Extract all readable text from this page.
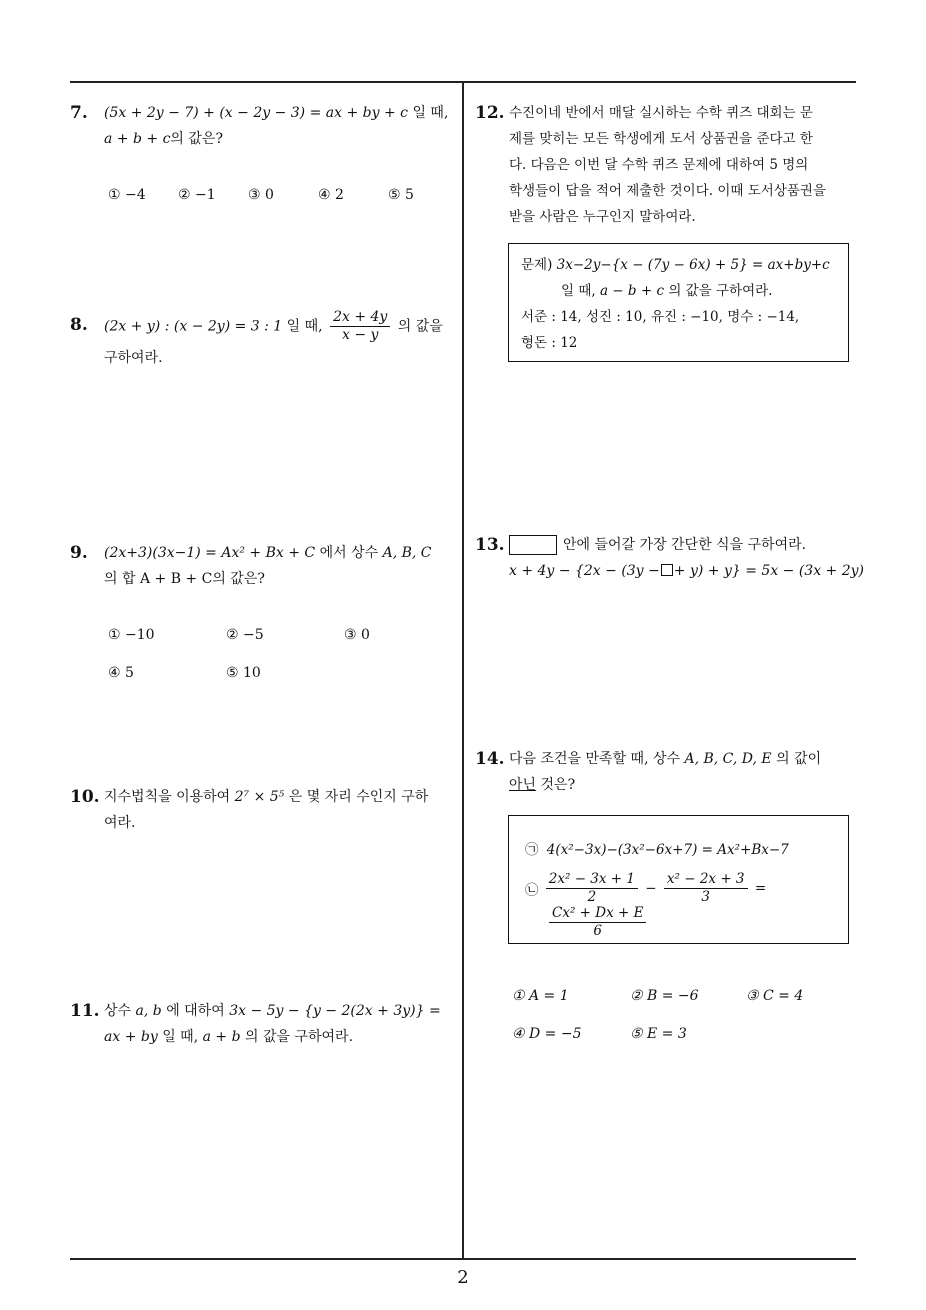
7. (5x + 2y − 7) + (x − 2y − 3) = ax + by + c 일 때,
a + b + c의 값은?
① −4 ② −1 ③ 0	④ 2	⑤ 5
8. (2x + y) : (x − 2y) = 3 : 1 일 때, $\frac{2x + 4y}{x - y}$ 의 값을
구하여라.
9. (2x+3)(3x−1) = Ax² + Bx + C 에서 상수 A, B, C
의 합 A + B + C의 값은?
① −10	② −5	③ 0
④ 5	⑤ 10
10. 지수법칙을 이용하여 2⁷ × 5⁵ 은 몇 자리 수인지 구하
여라.
11. 상수 a, b 에 대하여 3x − 5y − {y − 2(2x + 3y)} =
ax + by 일 때, a + b 의 값을 구하여라.
12. 수진이네 반에서 매달 실시하는 수학 퀴즈 대회는 문
제를 맞히는 모든 학생에게 도서 상품권을 준다고 한
다. 다음은 이번 달 수학 퀴즈 문제에 대하여 5 명의
학생들이 답을 적어 제출한 것이다. 이때 도서상품권을
받을 사람은 누구인지 말하여라.
문제) 3x−2y−{x − (7y − 6x) + 5} = ax+by+c
일 때, a − b + c 의 값을 구하여라.
서준 : 14, 성진 : 10, 유진 : −10, 명수 : −14,
형돈 : 12
13.	안에 들어갈 가장 간단한 식을 구하여라.
x + 4y − {2x − (3y − + y) + y} = 5x − (3x + 2y)
14. 다음 조건을 만족할 때, 상수 A, B, C, D, E 의 값이
아닌 것은?
㉠ 4(x²−3x)−(3x²−6x+7) = Ax²+Bx−7
㉡ $\frac{\text{2x² − 3x + 1}}{2} - \frac{\text{x² − 2x + 3}}{3}$ =
$\frac{\text{Cx² + Dx + E}}{6}$
① A = 1	② B = −6	③ C = 4
④ D = −5	⑤ E = 3
2
